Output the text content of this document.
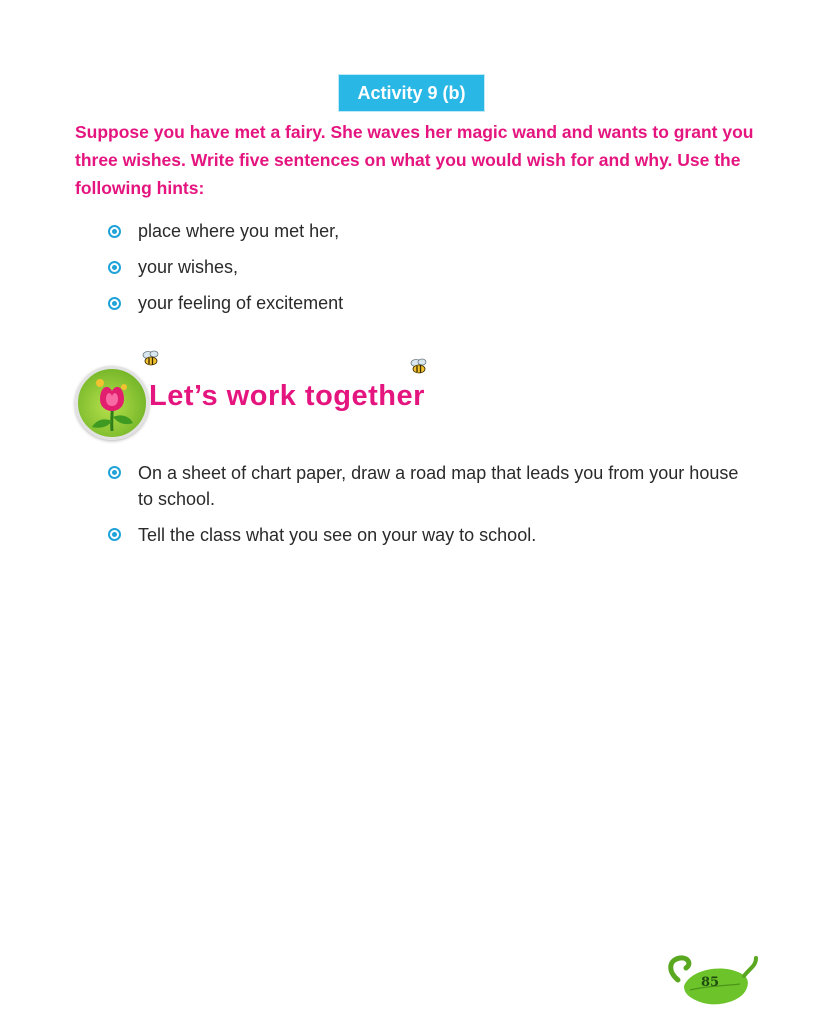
Activity 9 (b)

Suppose you have met a fairy. She waves her magic wand and wants to grant you three wishes. Write five sentences on what you would wish for and why. Use the following hints:

place where you met her,
your wishes,
your feeling of excitement
Let’s work together
On a sheet of chart paper, draw a road map that leads you from your house to school.
Tell the class what you see on your way to school.
85
